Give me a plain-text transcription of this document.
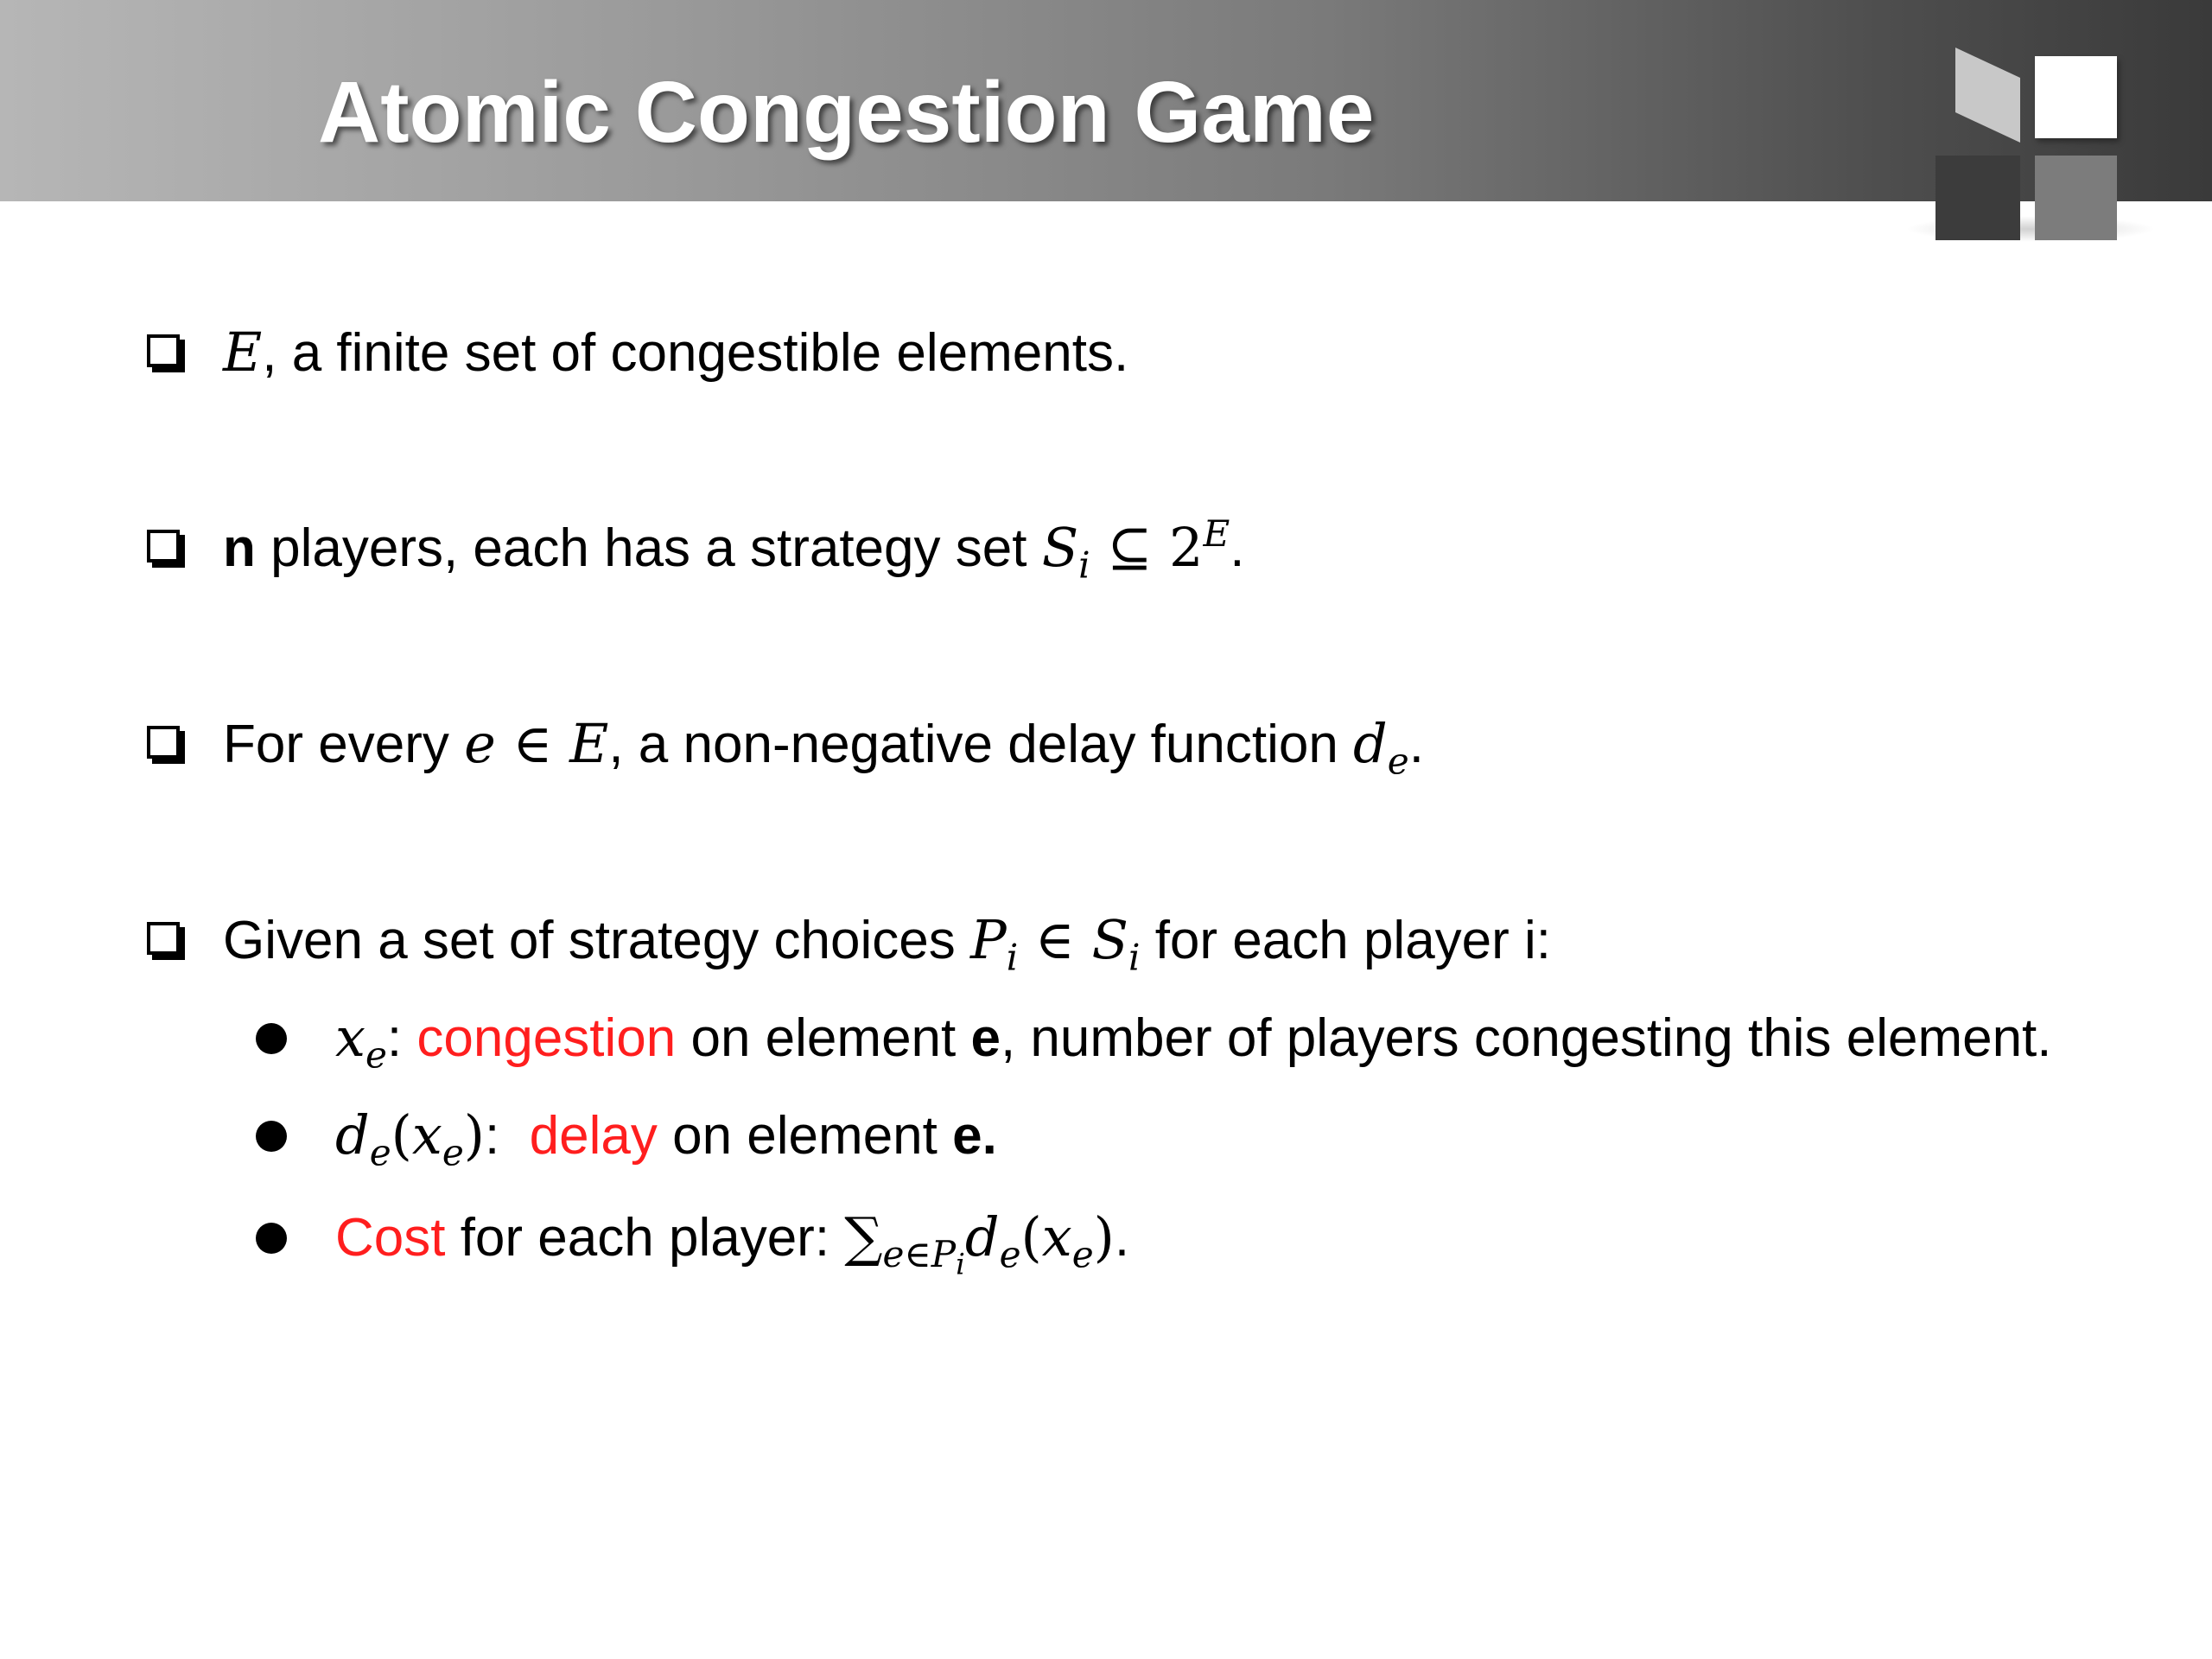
Atomic Congestion Game
E, a finite set of congestible elements.
n players, each has a strategy set $S_i$ ⊆ $2^E$.
For every e ∈ E, a non-negative delay function $d_e$.
Given a set of strategy choices $P_i$ ∈ $S_i$ for each player i:
$x_e$: congestion on element e, number of players congesting this element.
$d_e(x_e)$:  delay on element e.
Cost for each player: $\sum_{e\in P_i}d_e(x_e)$.
